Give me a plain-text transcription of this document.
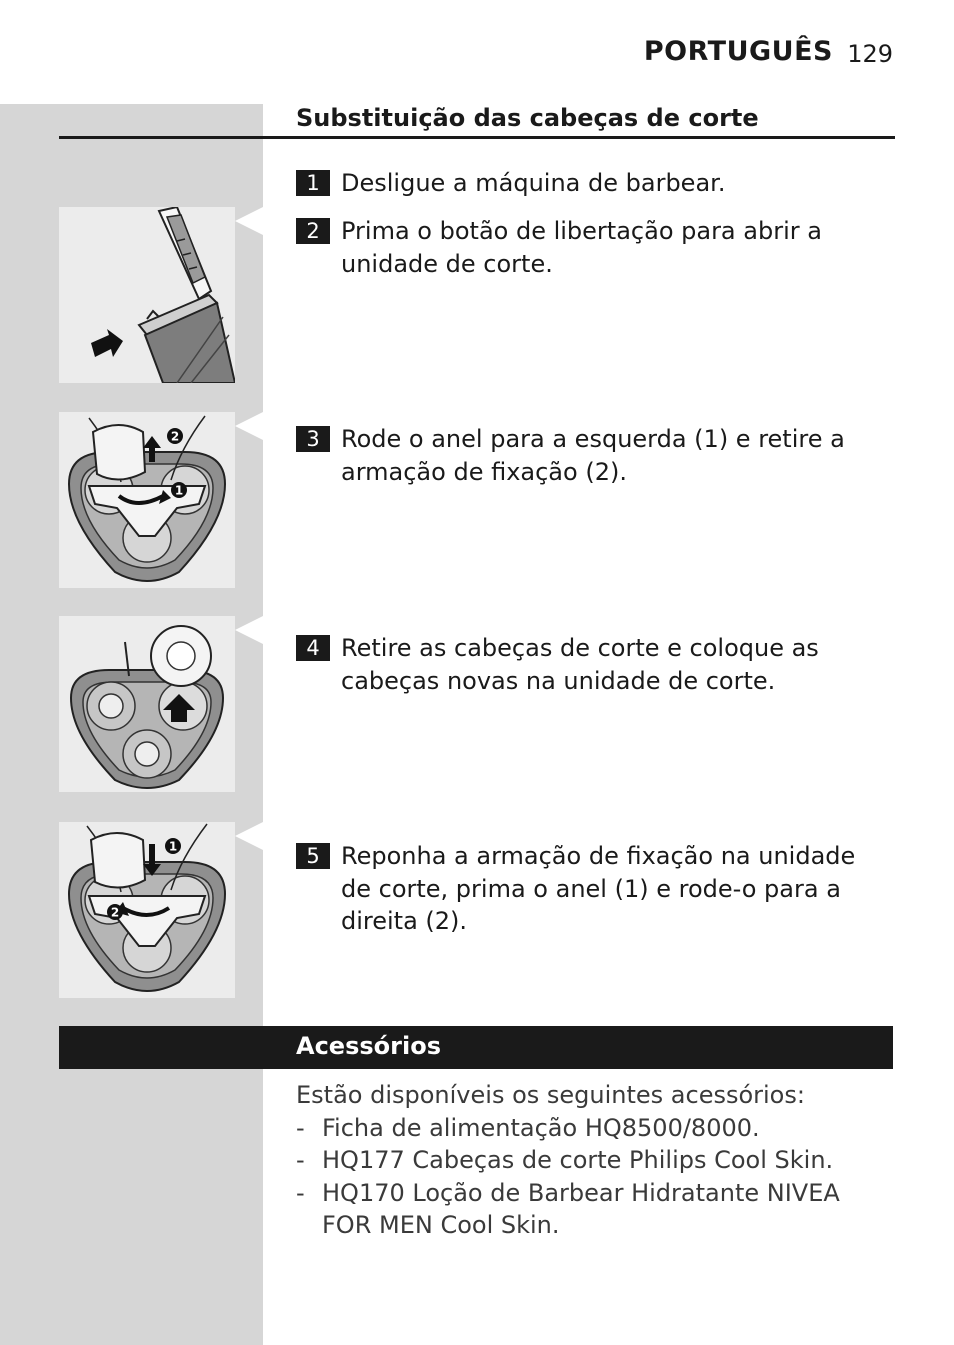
PORTUGUÊS 129
Substituição das cabeças de corte
1 Desligue a máquina de barbear.
2 Prima o botão de libertação para abrir a unidade de corte.
3 Rode o anel para a esquerda (1) e retire a armação de fixação (2).
4 Retire as cabeças de corte e coloque as cabeças novas na unidade de corte.
5 Reponha a armação de fixação na unidade de corte, prima o anel (1) e rode-o para a direita (2).
2
1
1
2
Acessórios
Estão disponíveis os seguintes acessórios:
- Ficha de alimentação HQ8500/8000.
- HQ177 Cabeças de corte Philips Cool Skin.
- HQ170 Loção de Barbear Hidratante NIVEA FOR MEN Cool Skin.
